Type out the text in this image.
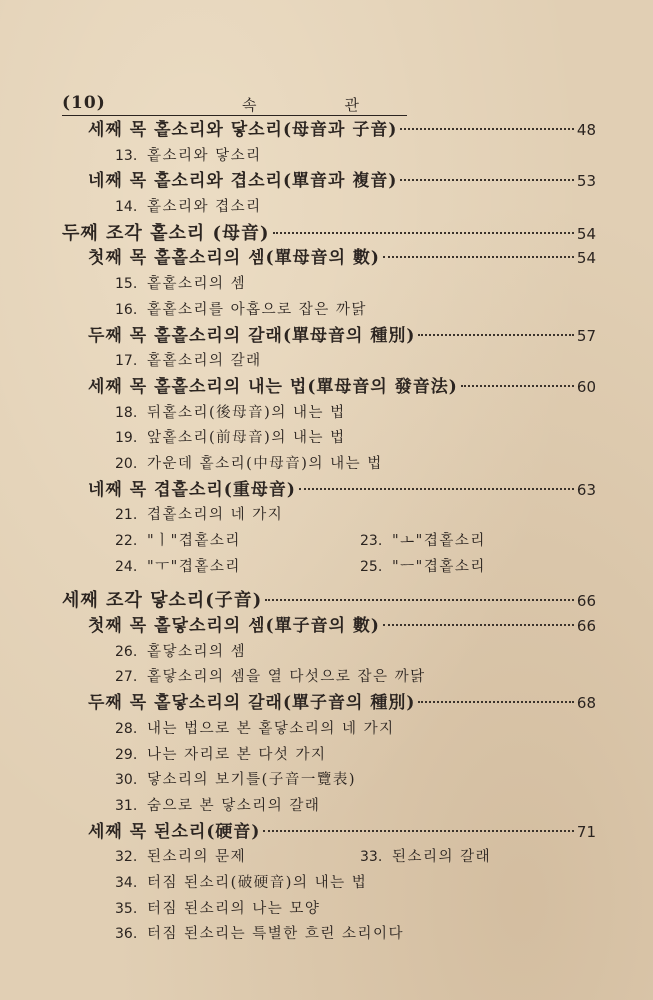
(10)	속	관
세째 목 홑소리와 닿소리(母音과 子音)	48
13. 홑소리와 닿소리
네째 목 홑소리와 겹소리(單音과 複音)	53
14. 홑소리와 겹소리
두째 조각 홑소리 (母音)	54
첫째 목 홑홑소리의 셈(單母音의 數)	54
15. 홑홑소리의 셈
16. 홑홑소리를 아홉으로 잡은 까닭
두째 목 홑홑소리의 갈래(單母音의 種別)	57
17. 홑홑소리의 갈래
세째 목 홑홑소리의 내는 법(單母音의 發音法)	60
18. 뒤홑소리(後母音)의 내는 법
19. 앞홑소리(前母音)의 내는 법
20. 가운데 홑소리(中母音)의 내는 법
네째 목 겹홑소리(重母音)	63
21. 겹홑소리의 네 가지
22. "ㅣ"겹홑소리	23. "ㅗ"겹홑소리
24. "ㅜ"겹홑소리	25. "ㅡ"겹홑소리
세째 조각 닿소리(子音)	66
첫째 목 홑닿소리의 셈(單子音의 數)	66
26. 홑닿소리의 셈
27. 홑닿소리의 셈을 열 다섯으로 잡은 까닭
두째 목 홑닿소리의 갈래(單子音의 種別)	68
28. 내는 법으로 본 홑닿소리의 네 가지
29. 나는 자리로 본 다섯 가지
30. 닿소리의 보기틀(子音一覽表)
31. 숨으로 본 닿소리의 갈래
세째 목 된소리(硬音)	71
32. 된소리의 문제	33. 된소리의 갈래
34. 터짐 된소리(破硬音)의 내는 법
35. 터짐 된소리의 나는 모양
36. 터짐 된소리는 특별한 흐린 소리이다
